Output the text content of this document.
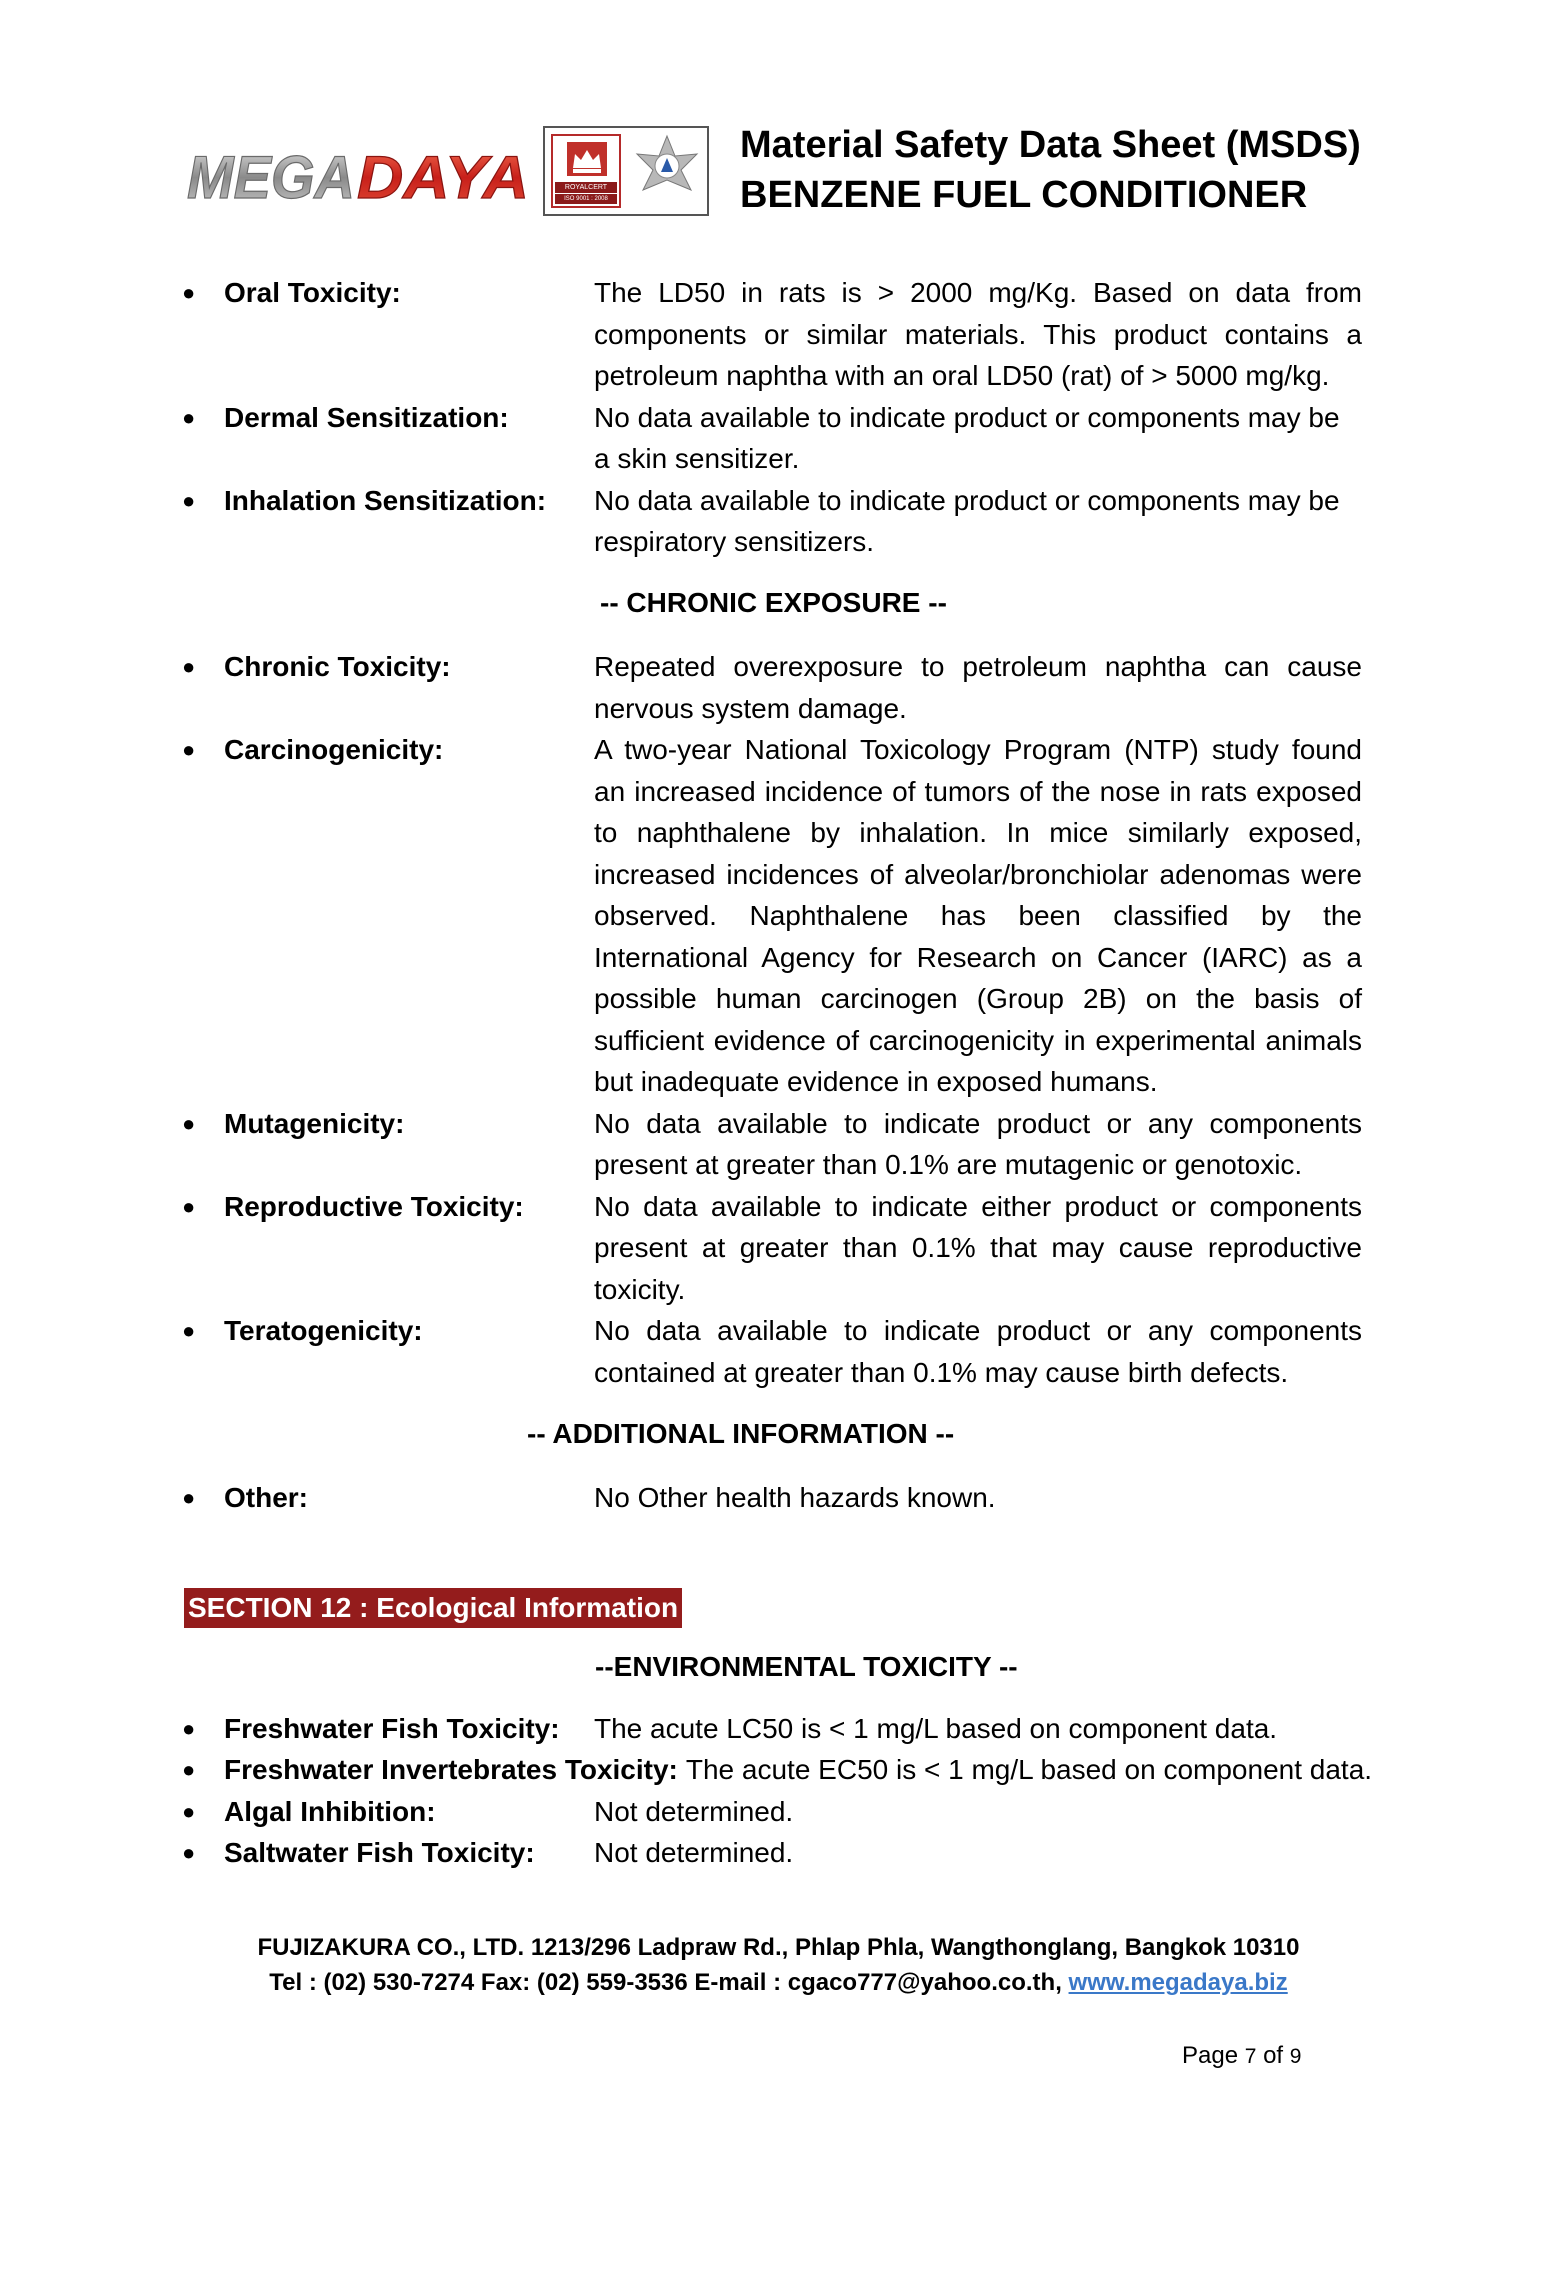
MEGA DAYA	ROYALCERT
ISO 9001 : 2008
Material Safety Data Sheet (MSDS)
BENZENE FUEL CONDITIONER
●	Oral Toxicity:	The LD50 in rats is > 2000 mg/Kg. Based on data from components or similar materials. This product contains a petroleum naphtha with an oral LD50 (rat) of > 5000 mg/kg.
●	Dermal Sensitization:	No data available to indicate product or components may be a skin sensitizer.
●	Inhalation Sensitization:	No data available to indicate product or components may be respiratory sensitizers.
-- CHRONIC EXPOSURE --
●	Chronic Toxicity:	Repeated overexposure to petroleum naphtha can cause nervous system damage.
●	Carcinogenicity:	A two-year National Toxicology Program (NTP) study found an increased incidence of tumors of the nose in rats exposed to naphthalene by inhalation. In mice similarly exposed, increased incidences of alveolar/bronchiolar adenomas were observed. Naphthalene has been classified by the International Agency for Research on Cancer (IARC) as a possible human carcinogen (Group 2B) on the basis of sufficient evidence of carcinogenicity in experimental animals but inadequate evidence in exposed humans.
●	Mutagenicity:	No data available to indicate product or any components present at greater than 0.1% are mutagenic or genotoxic.
●	Reproductive Toxicity:	No data available to indicate either product or components present at greater than 0.1% that may cause reproductive toxicity.
●	Teratogenicity:	No data available to indicate product or any components contained at greater than 0.1% may cause birth defects.
-- ADDITIONAL INFORMATION --
●	Other:	No Other health hazards known.
SECTION 12 : Ecological Information
--ENVIRONMENTAL TOXICITY --
●	Freshwater Fish Toxicity:	The acute LC50 is < 1 mg/L based on component data.
●	Freshwater Invertebrates Toxicity: The acute EC50 is < 1 mg/L based on component data.
●	Algal Inhibition:	Not determined.
●	Saltwater Fish Toxicity:	Not determined.
FUJIZAKURA CO., LTD. 1213/296 Ladpraw Rd., Phlap Phla, Wangthonglang, Bangkok 10310
Tel : (02) 530-7274 Fax: (02) 559-3536 E-mail : cgaco777@yahoo.co.th, www.megadaya.biz
Page 7 of 9
